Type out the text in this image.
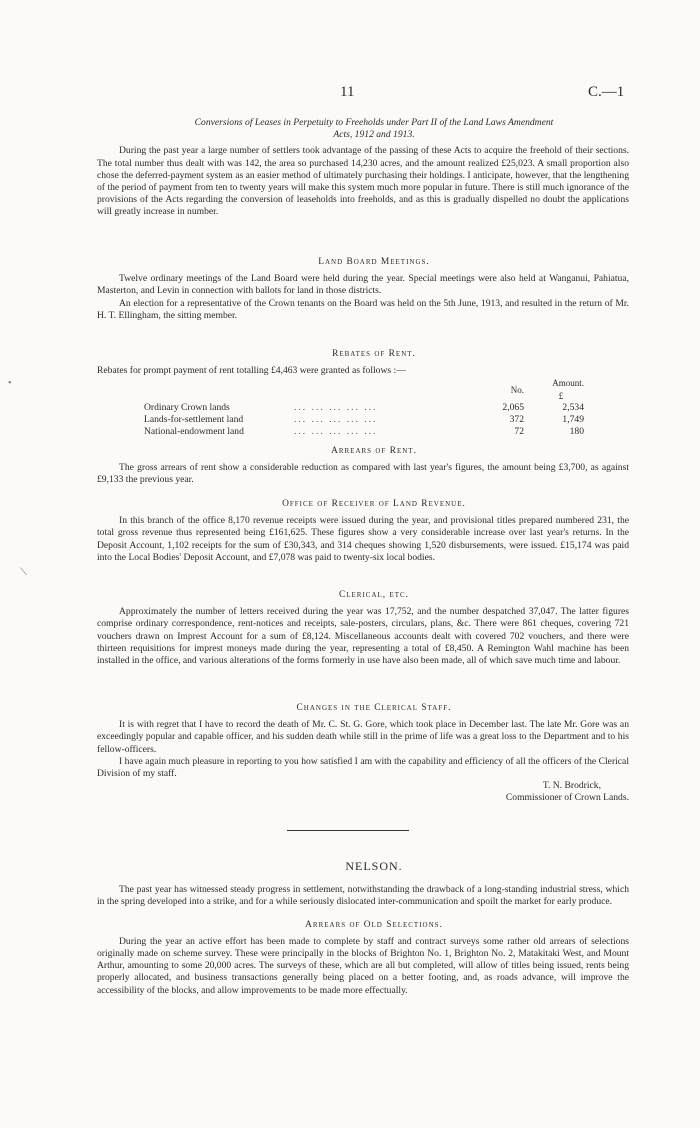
11	C.—1
•
⟍

Conversions of Leases in Perpetuity to Freeholds under Part II of the Land Laws Amendment

Acts, 1912 and 1913.

During the past year a large number of settlers took advantage of the passing of these Acts to acquire the freehold of their sections. The total number thus dealt with was 142, the area so purchased 14,230 acres, and the amount realized £25,023. A small proportion also chose the deferred-payment system as an easier method of ultimately purchasing their holdings. I anticipate, however, that the lengthening of the period of payment from ten to twenty years will make this system much more popular in future. There is still much ignorance of the provisions of the Acts regarding the conversion of leaseholds into freeholds, and as this is gradually dispelled no doubt the applications will greatly increase in number.

Land Board Meetings.

Twelve ordinary meetings of the Land Board were held during the year. Special meetings were also held at Wanganui, Pahiatua, Masterton, and Levin in connection with ballots for land in those districts.

An election for a representative of the Crown tenants on the Board was held on the 5th June, 1913, and resulted in the return of Mr. H. T. Ellingham, the sitting member.

Rebates of Rent.

Rebates for prompt payment of rent totalling £4,463 were granted as follows :—

		No.	Amount.
£

Ordinary Crown lands	... ... ... ... ...	2,065	2,534
Lands-for-settlement land	... ... ... ... ...	372	1,749
National-endowment land	... ... ... ... ...	72	180

Arrears of Rent.

The gross arrears of rent show a considerable reduction as compared with last year's figures, the amount being £3,700, as against £9,133 the previous year.

Office of Receiver of Land Revenue.

In this branch of the office 8,170 revenue receipts were issued during the year, and provisional titles prepared numbered 231, the total gross revenue thus represented being £161,625. These figures show a very considerable increase over last year's returns. In the Deposit Account, 1,102 receipts for the sum of £30,343, and 314 cheques showing 1,520 disbursements, were issued. £15,174 was paid into the Local Bodies' Deposit Account, and £7,078 was paid to twenty-six local bodies.

Clerical, etc.

Approximately the number of letters received during the year was 17,752, and the number despatched 37,047. The latter figures comprise ordinary correspondence, rent-notices and receipts, sale-posters, circulars, plans, &c. There were 861 cheques, covering 721 vouchers drawn on Imprest Account for a sum of £8,124. Miscellaneous accounts dealt with covered 702 vouchers, and there were thirteen requisitions for imprest moneys made during the year, representing a total of £8,450. A Remington Wahl machine has been installed in the office, and various alterations of the forms formerly in use have also been made, all of which save much time and labour.

Changes in the Clerical Staff.

It is with regret that I have to record the death of Mr. C. St. G. Gore, which took place in December last. The late Mr. Gore was an exceedingly popular and capable officer, and his sudden death while still in the prime of life was a great loss to the Department and to his fellow-officers.

I have again much pleasure in reporting to you how satisfied I am with the capability and efficiency of all the officers of the Clerical Division of my staff.

T. N. Brodrick,

Commissioner of Crown Lands.

NELSON.

The past year has witnessed steady progress in settlement, notwithstanding the drawback of a long-standing industrial stress, which in the spring developed into a strike, and for a while seriously dislocated inter-communication and spoilt the market for early produce.

Arrears of Old Selections.

During the year an active effort has been made to complete by staff and contract surveys some rather old arrears of selections originally made on scheme survey. These were principally in the blocks of Brighton No. 1, Brighton No. 2, Matakitaki West, and Mount Arthur, amounting to some 20,000 acres. The surveys of these, which are all but completed, will allow of titles being issued, rents being properly allocated, and business transactions generally being placed on a better footing, and, as roads advance, will improve the accessibility of the blocks, and allow improvements to be made more effectually.
